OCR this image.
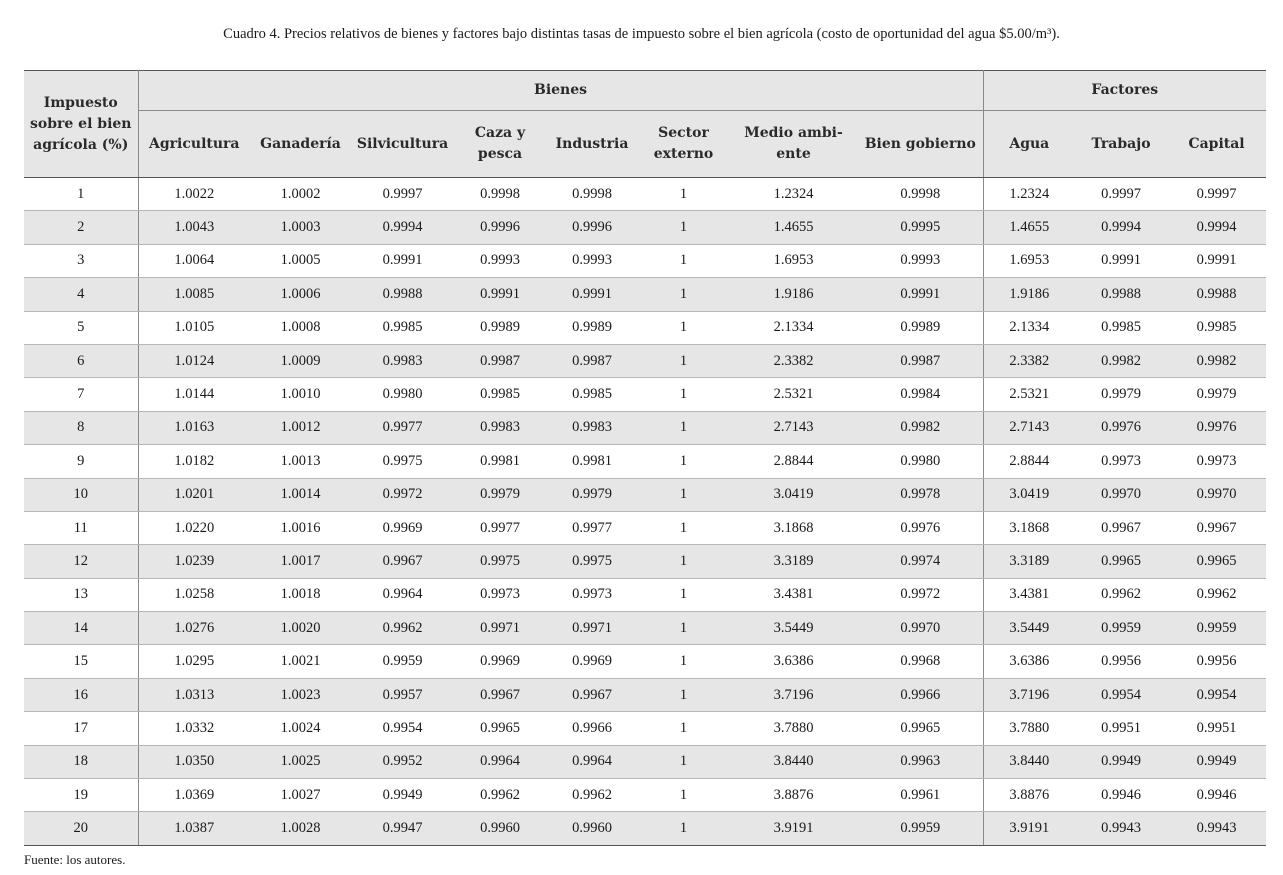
Cuadro 4. Precios relativos de bienes y factores bajo distintas tasas de impuesto sobre el bien agrícola (costo de oportunidad del agua $5.00/m³).
Impuesto
sobre el bien
agrícola (%)	Bienes								Factores		
	Agricultura	Ganadería	Silvicultura	Caza y pesca	Industria	Sector externo	Medio ambi- ente	Bien gobierno	Agua	Trabajo	Capital
1	1.0022	1.0002	0.9997	0.9998	0.9998	1	1.2324	0.9998	1.2324	0.9997	0.9997
2	1.0043	1.0003	0.9994	0.9996	0.9996	1	1.4655	0.9995	1.4655	0.9994	0.9994
3	1.0064	1.0005	0.9991	0.9993	0.9993	1	1.6953	0.9993	1.6953	0.9991	0.9991
4	1.0085	1.0006	0.9988	0.9991	0.9991	1	1.9186	0.9991	1.9186	0.9988	0.9988
5	1.0105	1.0008	0.9985	0.9989	0.9989	1	2.1334	0.9989	2.1334	0.9985	0.9985
6	1.0124	1.0009	0.9983	0.9987	0.9987	1	2.3382	0.9987	2.3382	0.9982	0.9982
7	1.0144	1.0010	0.9980	0.9985	0.9985	1	2.5321	0.9984	2.5321	0.9979	0.9979
8	1.0163	1.0012	0.9977	0.9983	0.9983	1	2.7143	0.9982	2.7143	0.9976	0.9976
9	1.0182	1.0013	0.9975	0.9981	0.9981	1	2.8844	0.9980	2.8844	0.9973	0.9973
10	1.0201	1.0014	0.9972	0.9979	0.9979	1	3.0419	0.9978	3.0419	0.9970	0.9970
11	1.0220	1.0016	0.9969	0.9977	0.9977	1	3.1868	0.9976	3.1868	0.9967	0.9967
12	1.0239	1.0017	0.9967	0.9975	0.9975	1	3.3189	0.9974	3.3189	0.9965	0.9965
13	1.0258	1.0018	0.9964	0.9973	0.9973	1	3.4381	0.9972	3.4381	0.9962	0.9962
14	1.0276	1.0020	0.9962	0.9971	0.9971	1	3.5449	0.9970	3.5449	0.9959	0.9959
15	1.0295	1.0021	0.9959	0.9969	0.9969	1	3.6386	0.9968	3.6386	0.9956	0.9956
16	1.0313	1.0023	0.9957	0.9967	0.9967	1	3.7196	0.9966	3.7196	0.9954	0.9954
17	1.0332	1.0024	0.9954	0.9965	0.9966	1	3.7880	0.9965	3.7880	0.9951	0.9951
18	1.0350	1.0025	0.9952	0.9964	0.9964	1	3.8440	0.9963	3.8440	0.9949	0.9949
19	1.0369	1.0027	0.9949	0.9962	0.9962	1	3.8876	0.9961	3.8876	0.9946	0.9946
20	1.0387	1.0028	0.9947	0.9960	0.9960	1	3.9191	0.9959	3.9191	0.9943	0.9943
Fuente: los autores.
